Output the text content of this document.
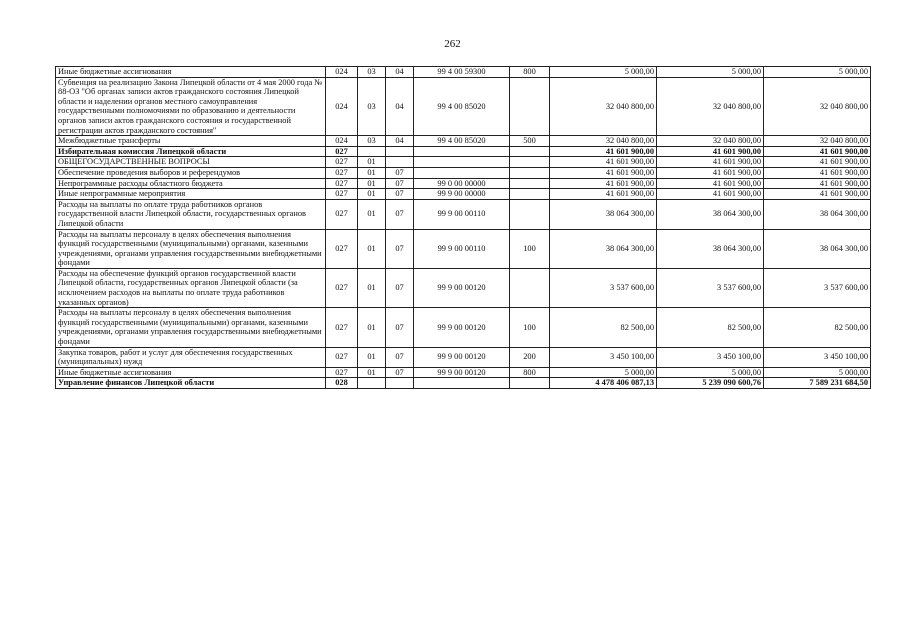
262
Иные бюджетные ассигнования	024	03	04	99 4 00 59300	800	5 000,00	5 000,00	5 000,00
Субвенция на реализацию Закона Липецкой области от 4 мая 2000 года № 88-ОЗ "Об органах записи актов гражданского состояния Липецкой области и наделении органов местного самоуправления государственными полномочиями по образованию и деятельности органов записи актов гражданского состояния и государственной регистрации актов гражданского состояния"	024	03	04	99 4 00 85020		32 040 800,00	32 040 800,00	32 040 800,00
Межбюджетные трансферты	024	03	04	99 4 00 85020	500	32 040 800,00	32 040 800,00	32 040 800,00
Избирательная комиссия Липецкой области	027					41 601 900,00	41 601 900,00	41 601 900,00
ОБЩЕГОСУДАРСТВЕННЫЕ ВОПРОСЫ	027	01				41 601 900,00	41 601 900,00	41 601 900,00
Обеспечение проведения выборов и референдумов	027	01	07			41 601 900,00	41 601 900,00	41 601 900,00
Непрограммные расходы областного бюджета	027	01	07	99 0 00 00000		41 601 900,00	41 601 900,00	41 601 900,00
Иные непрограммные мероприятия	027	01	07	99 9 00 00000		41 601 900,00	41 601 900,00	41 601 900,00
Расходы на выплаты по оплате труда работников органов государственной власти Липецкой области, государственных органов Липецкой области	027	01	07	99 9 00 00110		38 064 300,00	38 064 300,00	38 064 300,00
Расходы на выплаты персоналу в целях обеспечения выполнения функций государственными (муниципальными) органами, казенными учреждениями, органами управления государственными внебюджетными фондами	027	01	07	99 9 00 00110	100	38 064 300,00	38 064 300,00	38 064 300,00
Расходы на обеспечение функций органов государственной власти Липецкой области, государственных органов Липецкой области (за исключением расходов на выплаты по оплате труда работников указанных органов)	027	01	07	99 9 00 00120		3 537 600,00	3 537 600,00	3 537 600,00
Расходы на выплаты персоналу в целях обеспечения выполнения функций государственными (муниципальными) органами, казенными учреждениями, органами управления государственными внебюджетными фондами	027	01	07	99 9 00 00120	100	82 500,00	82 500,00	82 500,00
Закупка товаров, работ и услуг для обеспечения государственных (муниципальных) нужд	027	01	07	99 9 00 00120	200	3 450 100,00	3 450 100,00	3 450 100,00
Иные бюджетные ассигнования	027	01	07	99 9 00 00120	800	5 000,00	5 000,00	5 000,00
Управление финансов Липецкой области	028					4 478 406 087,13	5 239 090 600,76	7 589 231 684,50
